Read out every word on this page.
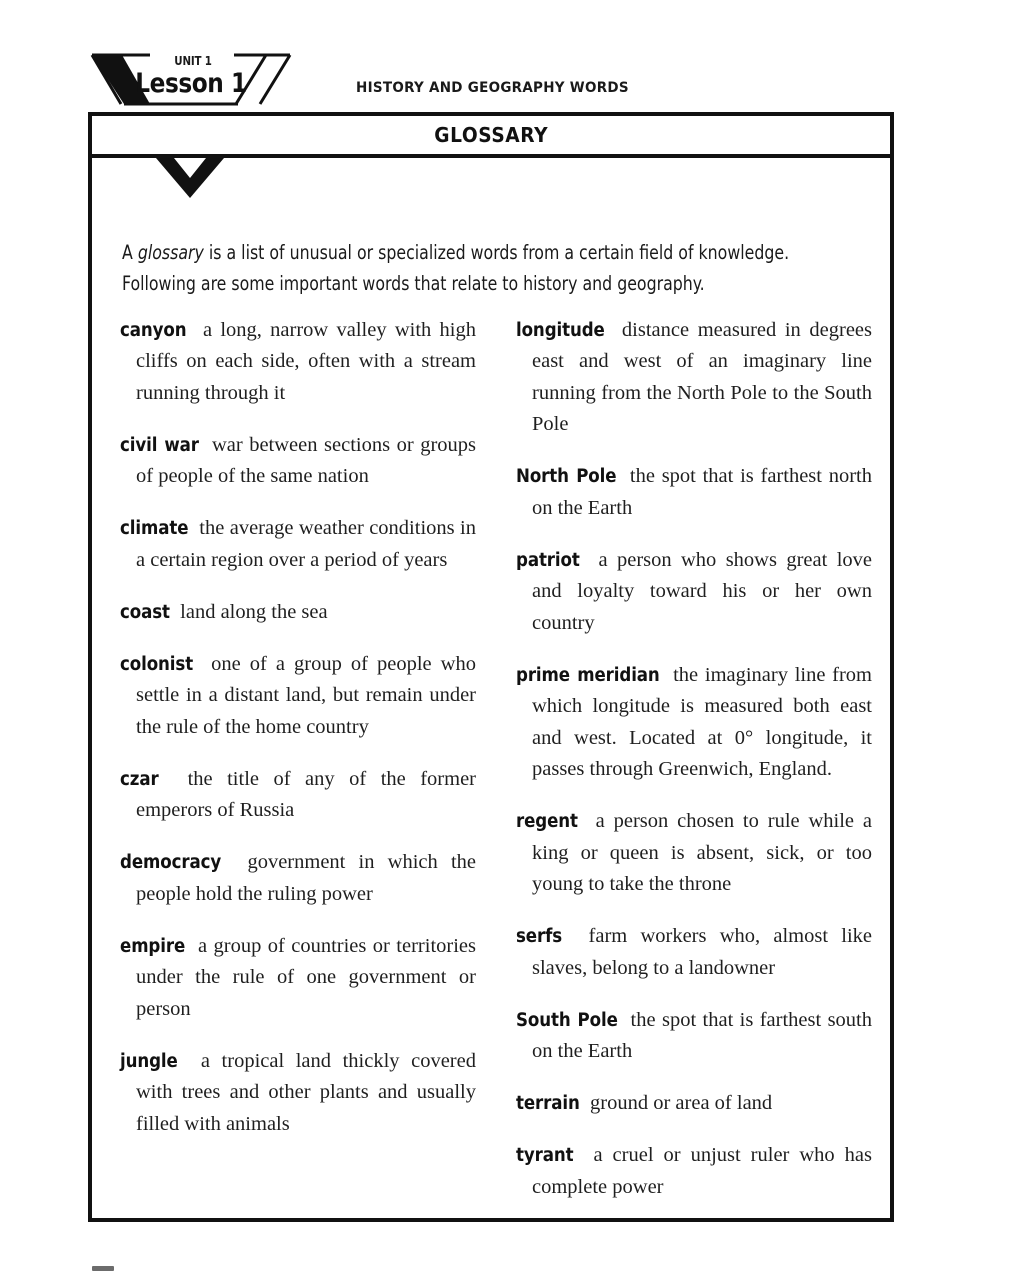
UNIT 1
Lesson 1	HISTORY AND GEOGRAPHY WORDS
GLOSSARY

A glossary is a list of unusual or specialized words from a certain field of knowledge. Following are some important words that relate to history and geography.

canyon  a long, narrow valley with high cliffs on each side, often with a stream running through it

civil war  war between sections or groups of people of the same nation

climate  the average weather conditions in a certain region over a period of years

coast  land along the sea

colonist  one of a group of people who settle in a distant land, but remain under the rule of the home country

czar  the title of any of the former emperors of Russia

democracy  government in which the people hold the ruling power

empire  a group of countries or territories under the rule of one government or person

jungle  a tropical land thickly covered with trees and other plants and usually filled with animals

longitude  distance measured in degrees east and west of an imaginary line running from the North Pole to the South Pole

North Pole  the spot that is farthest north on the Earth

patriot  a person who shows great love and loyalty toward his or her own country

prime meridian  the imaginary line from which longitude is measured both east and west. Located at 0° longitude, it passes through Greenwich, England.

regent  a person chosen to rule while a king or queen is absent, sick, or too young to take the throne

serfs  farm workers who, almost like slaves, belong to a landowner

South Pole  the spot that is farthest south on the Earth

terrain  ground or area of land

tyrant  a cruel or unjust ruler who has complete power
